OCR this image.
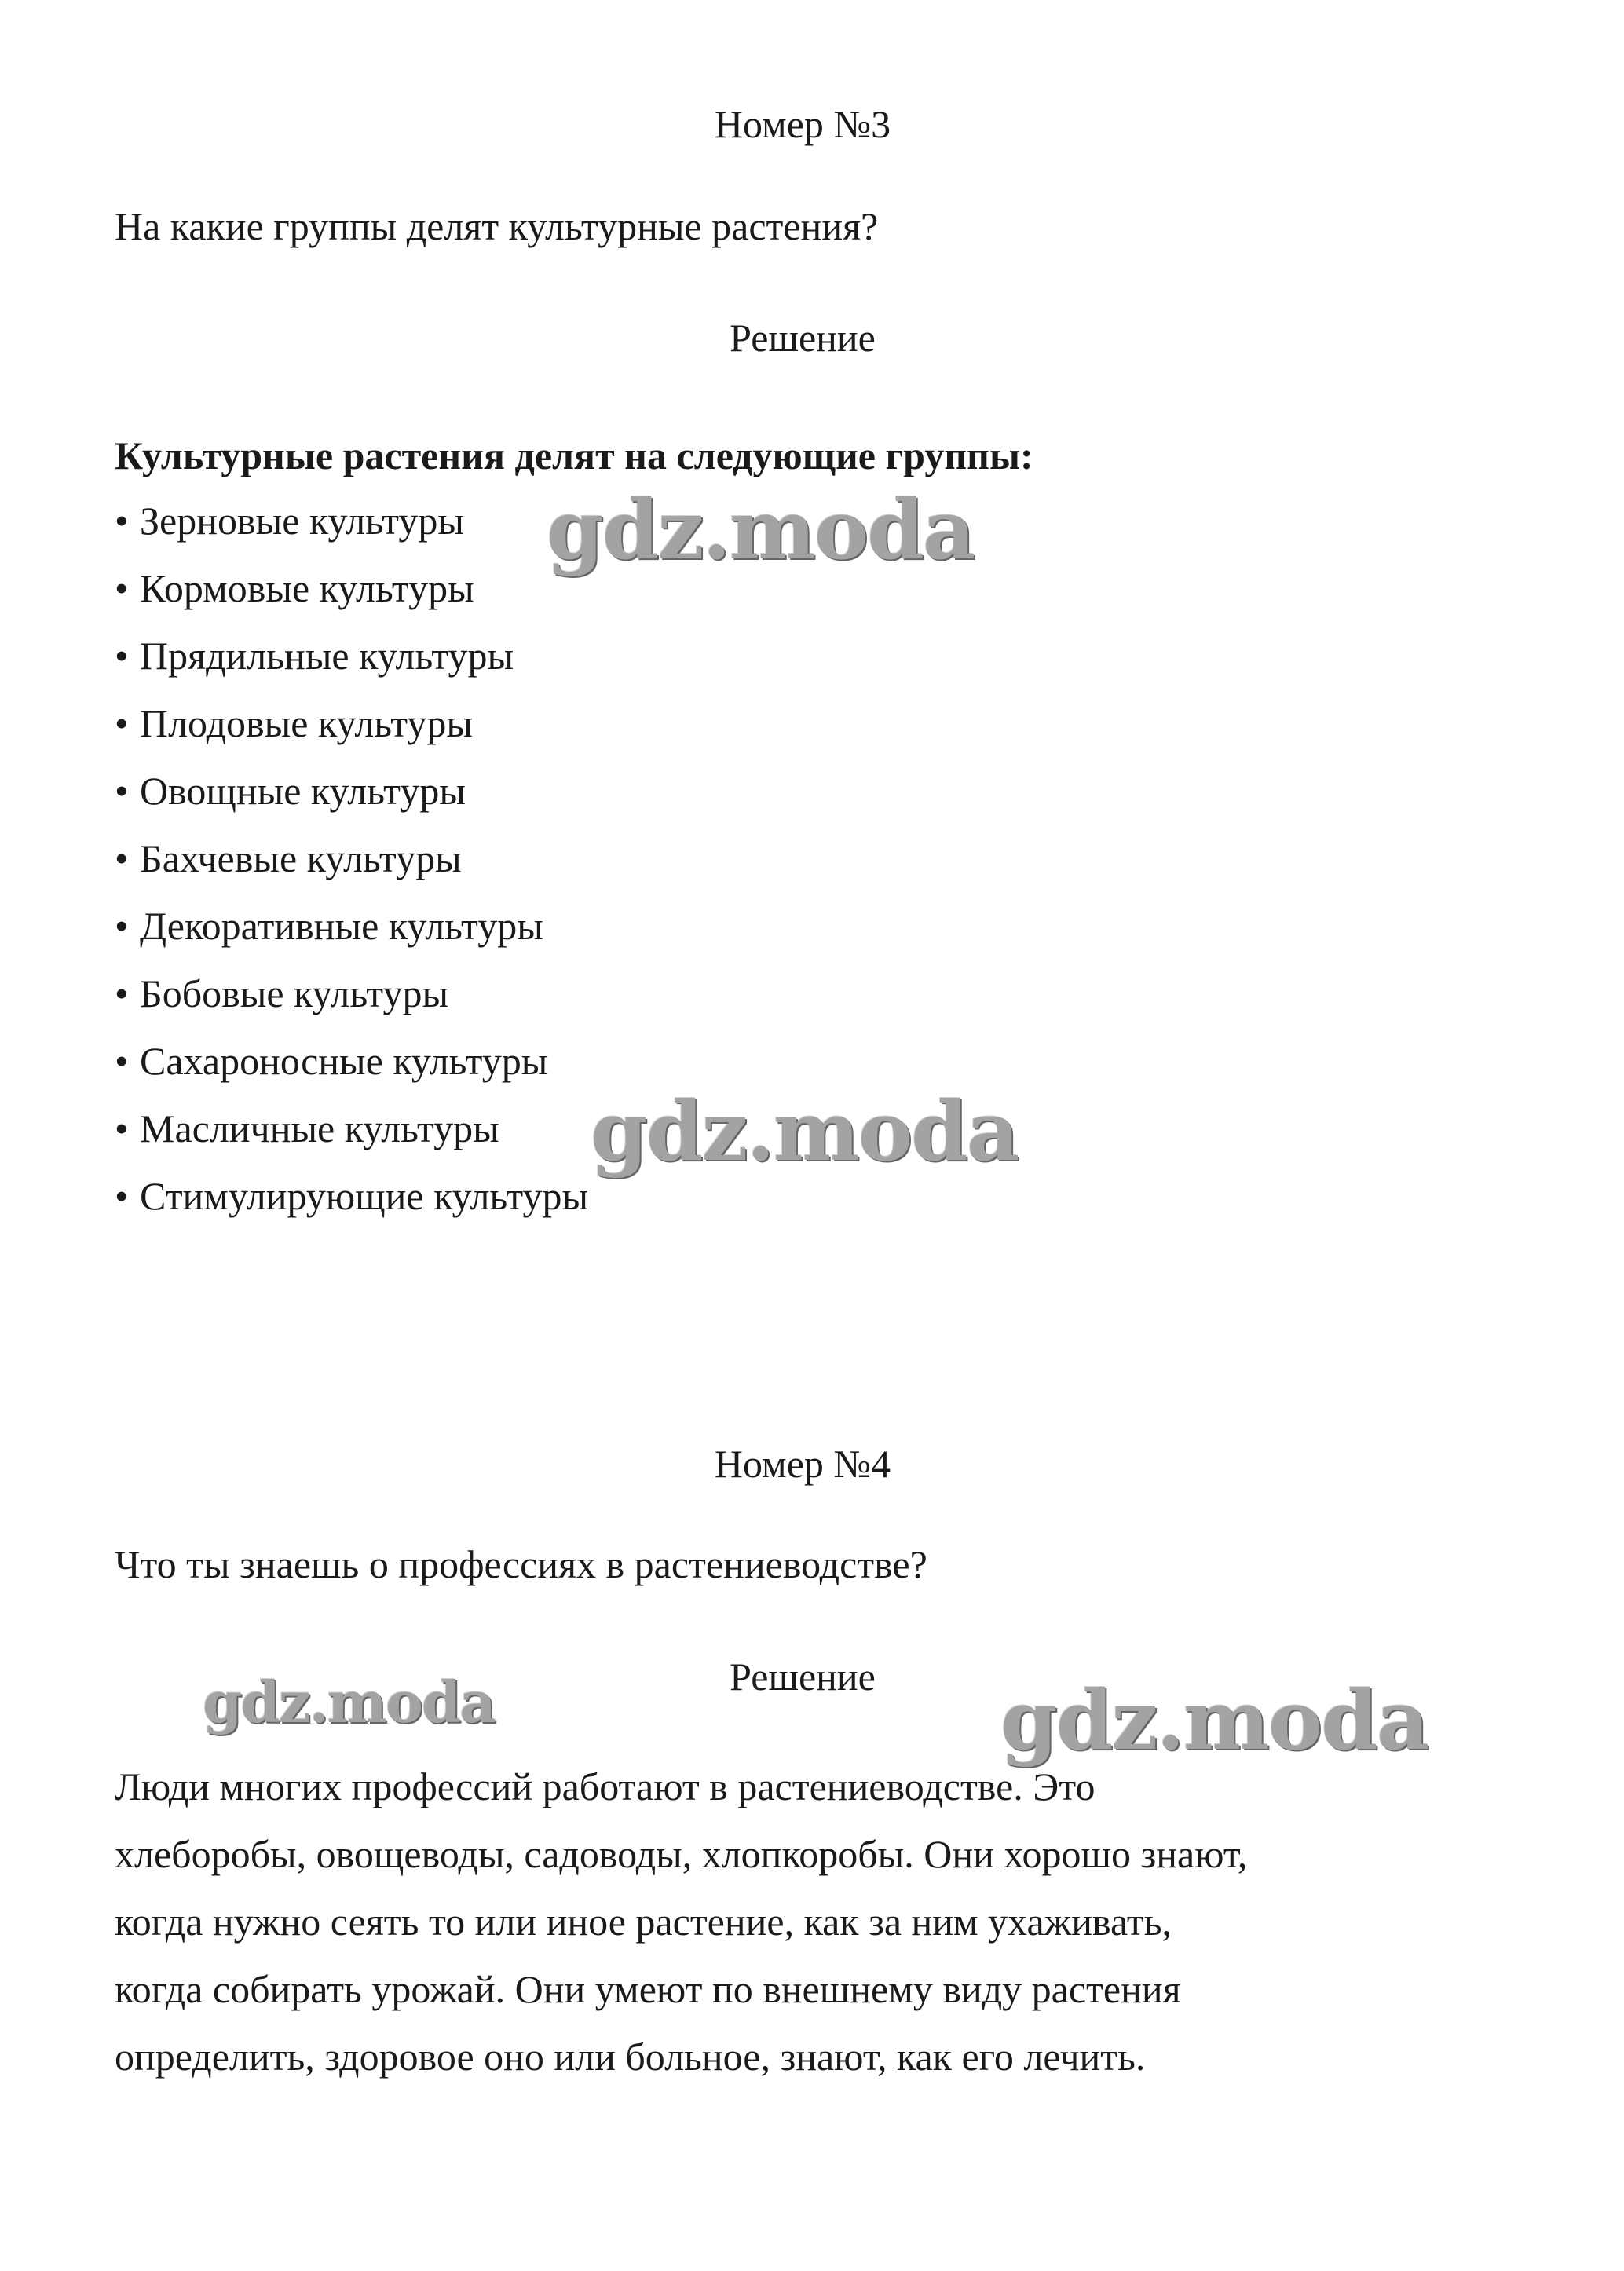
Номер №3
На какие группы делят культурные растения?
Решение
Культурные растения делят на следующие группы:
• Зерновые культуры
• Кормовые культуры
• Прядильные культуры
• Плодовые культуры
• Овощные культуры
• Бахчевые культуры
• Декоративные культуры
• Бобовые культуры
• Сахароносные культуры
• Масличные культуры
• Стимулирующие культуры
Номер №4
Что ты знаешь о профессиях в растениеводстве?
Решение
Люди многих профессий работают в растениеводстве. Это
хлеборобы, овощеводы, садоводы, хлопкоробы. Они хорошо знают,
когда нужно сеять то или иное растение, как за ним ухаживать,
когда собирать урожай. Они умеют по внешнему виду растения
определить, здоровое оно или больное, знают, как его лечить.
gdz.moda
gdz.moda
gdz.moda	gdz.moda
